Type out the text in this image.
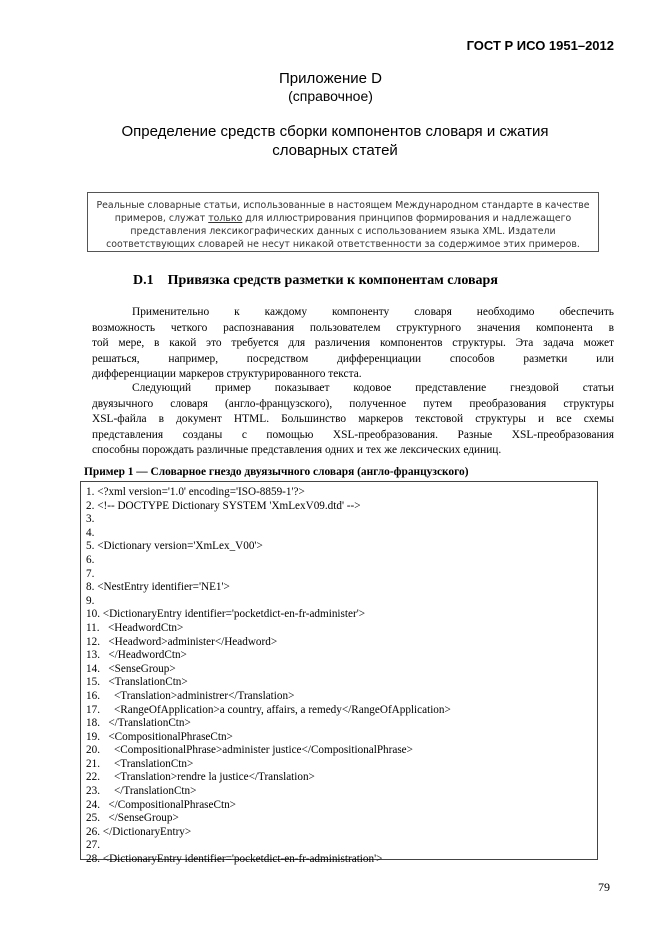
ГОСТ Р ИСО 1951–2012
Приложение D
(справочное)
Определение средств сборки компонентов словаря и сжатия
словарных статей
Реальные словарные статьи, использованные в настоящем Международном стандарте в качестве
примеров, служат только для иллюстрирования принципов формирования и надлежащего
представления лексикографических данных с использованием языка XML. Издатели
соответствующих словарей не несут никакой ответственности за содержимое этих примеров.
D.1 Привязка средств разметки к компонентам словаря
Применительно к каждому компоненту словаря необходимо обеспечить
возможность четкого распознавания пользователем структурного значения компонента в
той мере, в какой это требуется для различения компонентов структуры. Эта задача может
решаться, например, посредством дифференциации способов разметки или
дифференциации маркеров структурированного текста.
Следующий пример показывает кодовое представление гнездовой статьи
двуязычного словаря (англо-французского), полученное путем преобразования структуры
XSL-файла в документ HTML. Большинство маркеров текстовой структуры и все схемы
представления созданы с помощью XSL-преобразования. Разные XSL-преобразования
способны порождать различные представления одних и тех же лексических единиц.
Пример 1 — Словарное гнездо двуязычного словаря (англо-французского)
1. <?xml version='1.0' encoding='ISO-8859-1'?>
2. <!-- DOCTYPE Dictionary SYSTEM 'XmLexV09.dtd' -->
3.
4.
5. <Dictionary version='XmLex_V00'>
6.
7.
8. <NestEntry identifier='NE1'>
9.
10. <DictionaryEntry identifier='pocketdict-en-fr-administer'>
11.   <HeadwordCtn>
12.   <Headword>administer</Headword>
13.   </HeadwordCtn>
14.   <SenseGroup>
15.   <TranslationCtn>
16.     <Translation>administrer</Translation>
17.     <RangeOfApplication>a country, affairs, a remedy</RangeOfApplication>
18.   </TranslationCtn>
19.   <CompositionalPhraseCtn>
20.     <CompositionalPhrase>administer justice</CompositionalPhrase>
21.     <TranslationCtn>
22.     <Translation>rendre la justice</Translation>
23.     </TranslationCtn>
24.   </CompositionalPhraseCtn>
25.   </SenseGroup>
26. </DictionaryEntry>
27.
28. <DictionaryEntry identifier='pocketdict-en-fr-administration'>
79
